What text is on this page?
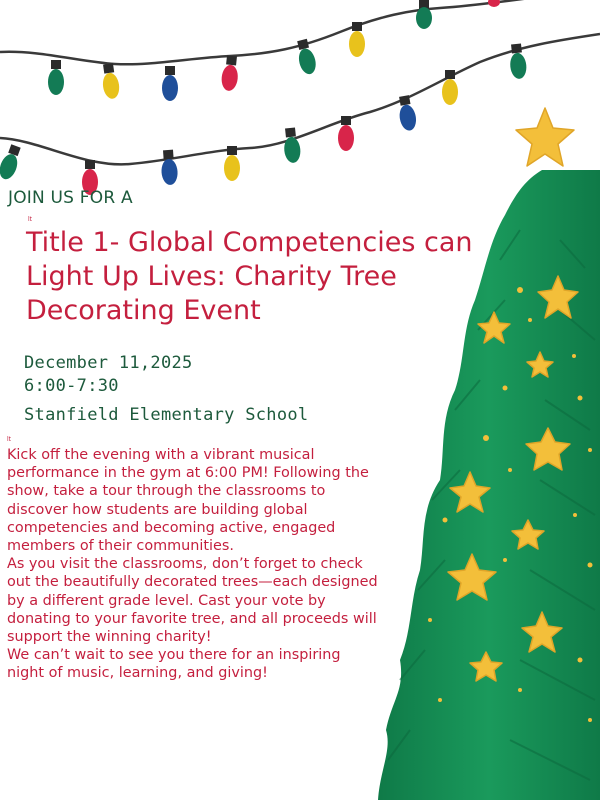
JOIN US FOR A

lt
Title 1- Global Competencies can Light Up Lives: Charity Tree Decorating Event
December 11,2025
6:00-7:30
Stanfield Elementary School
lt

Kick off the evening with a vibrant musical performance in the gym at 6:00 PM! Following the show, take a tour through the classrooms to discover how students are building global competencies and becoming active, engaged members of their communities.

As you visit the classrooms, don’t forget to check out the beautifully decorated trees—each designed by a different grade level. Cast your vote by donating to your favorite tree, and all proceeds will support the winning charity!

We can’t wait to see you there for an inspiring night of music, learning, and giving!
